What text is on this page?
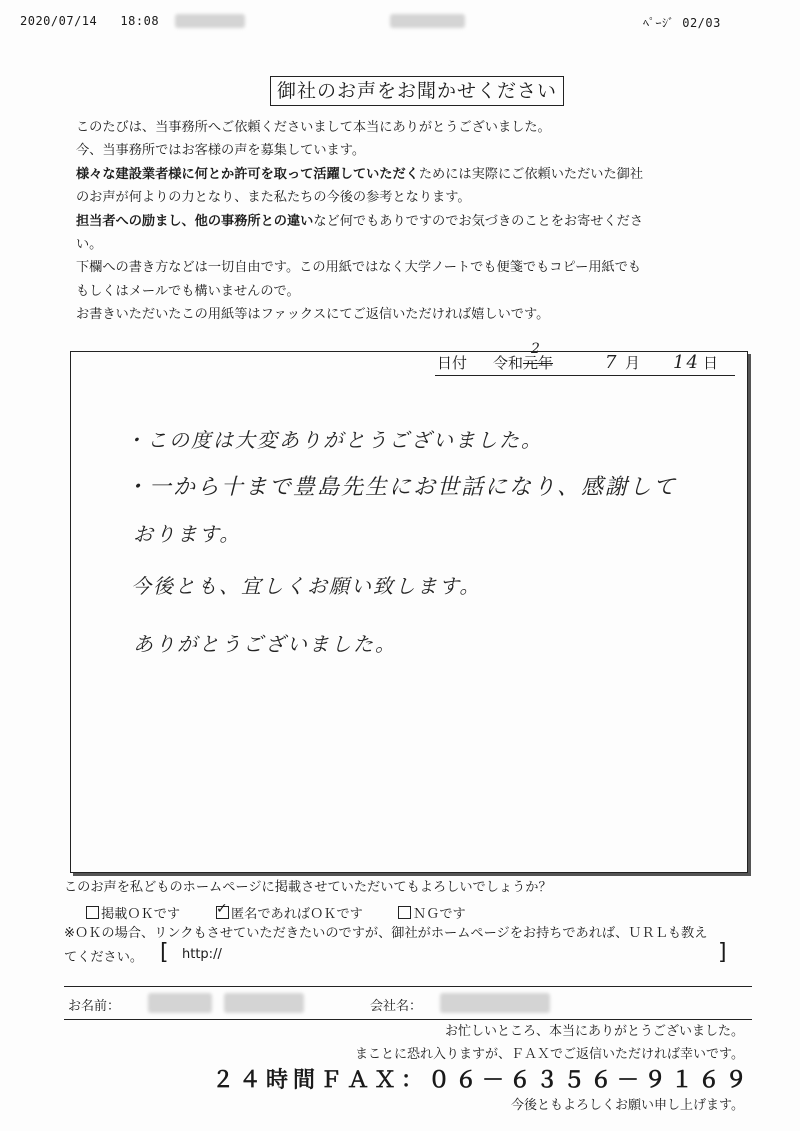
2020/07/14   18:08	ﾍﾟｰｼﾞ 02/03
御社のお声をお聞かせください

このたびは、当事務所へご依頼くださいまして本当にありがとうございました。

今、当事務所ではお客様の声を募集しています。

様々な建設業者様に何とか許可を取って活躍していただくためには実際にご依頼いただいた御社

のお声が何よりの力となり、また私たちの今後の参考となります。

担当者への励まし、他の事務所との違いなど何でもありですのでお気づきのことをお寄せくださ

い。

下欄への書き方などは一切自由です。この用紙ではなく大学ノートでも便箋でもコピー用紙でも

もしくはメールでも構いませんので。

お書きいただいたこの用紙等はファックスにてご返信いただければ嬉しいです。

日付 令和 元年
2
7 月 14 日
・この度は大変ありがとうございました。
・一から十まで豊島先生にお世話になり、感謝して
おります。
今後とも、宜しくお願い致します。
ありがとうございました。
このお声を私どものホームページに掲載させていただいてもよろしいでしょうか？
掲載ＯＫです
✓	匿名であればＯＫです	ＮＧです

※ＯＫの場合、リンクもさせていただきたいのですが、御社がホームページをお持ちであれば、ＵＲＬも教え

てください。 [ http://	]
お名前：	会社名：
お忙しいところ、本当にありがとうございました。
まことに恐れ入りますが、ＦＡＸでご返信いただければ幸いです。
２４時間ＦＡＸ：０６－６３５６－９１６９
今後ともよろしくお願い申し上げます。
